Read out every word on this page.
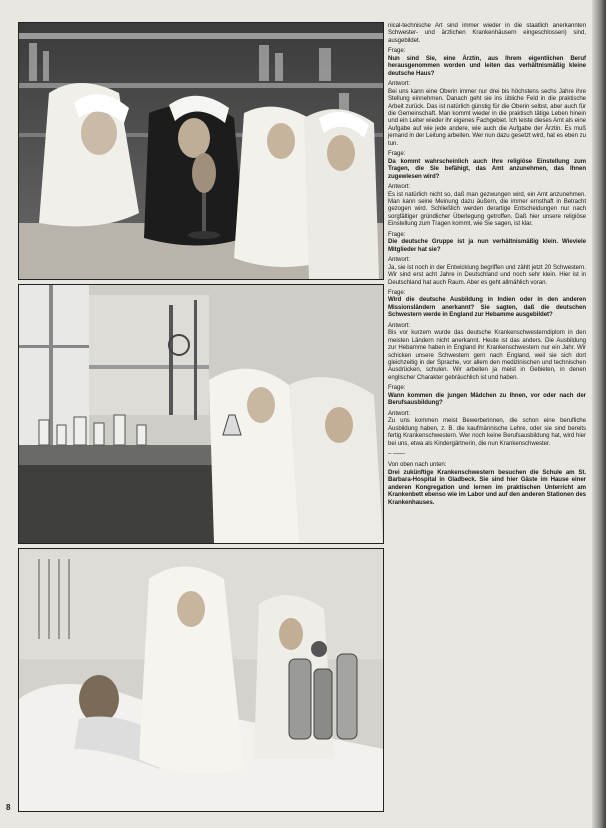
nical-technische Art sind immer wieder in die staatlich anerkannten Schwester- und ärzlichen Krankenhäusern eingeschlossen) sind, ausgebildet.

Frage:

Nun sind Sie, eine Ärztin, aus Ihrem eigentlichen Beruf herausgenommen worden und leiten das verhältnismäßig kleine deutsche Haus?

Antwort:

Bei uns kann eine Oberin immer nur drei bis höchstens sechs Jahre ihre Stellung einnehmen. Danach geht sie ins übliche Feld in die praktische Arbeit zurück. Das ist natürlich günstig für die Oberin selbst, aber auch für die Gemeinschaft. Man kommt wieder in die praktisch tätige Leben hinein und ein Leiter wieder ihr eigenes Fachgebiet. Ich leiste dieses Amt als eine Aufgabe auf wie jede andere, wie auch die Aufgabe der Ärztin. Es muß jemand in der Leitung arbeiten. Wer nun dazu gesetzt wird, hat es eben zu tun.

Frage:

Da kommt wahrscheinlich auch Ihre religiöse Einstellung zum Tragen, die Sie befähigt, das Amt anzunehmen, das Ihnen zugewiesen wird?

Antwort:

Es ist natürlich nicht so, daß man gezwungen wird, ein Amt anzunehmen. Man kann seine Meinung dazu äußern, die immer ernsthaft in Betracht gezogen wird. Schließlich werden derartige Entscheidungen nur nach sorgfältiger gründlicher Überlegung getroffen. Daß hier unsere religiöse Einstellung zum Tragen kommt, wie Sie sagen, ist klar.

Frage:

Die deutsche Gruppe ist ja nun verhältnismäßig klein. Wieviele Mitglieder hat sie?

Antwort:

Ja, sie ist noch in der Entwicklung begriffen und zählt jetzt 20 Schwestern. Wir sind erst acht Jahre in Deutschland und noch sehr klein. Hier ist in Deutschland hat auch Raum. Aber es geht allmählich voran.

Frage:

Wird die deutsche Ausbildung in Indien oder in den anderen Missionsländern anerkannt? Sie sagten, daß die deutschen Schwestern werde in England zur Hebamme ausgebildet?

Antwort:

Bis vor kurzem wurde das deutsche Krankenschwesterndiplom in den meisten Ländern nicht anerkannt. Heute ist das anders. Die Ausbildung zur Hebamme haben in England ihr Krankenschwestern nur ein Jahr. Wir schicken unsere Schwestern gern nach England, weil sie sich dort gleichzeitig in der Sprache, vor allem den medizinischen und technischen Ausdrücken, schulen. Wir arbeiten ja meist in Gebieten, in denen englischer Charakter gebräuchlich ist und haben.

Frage:

Wann kommen die jungen Mädchen zu Ihnen, vor oder nach der Berufsausbildung?

Antwort:

Zu uns kommen meist Bewerberinnen, die schon eine berufliche Ausbildung haben, z. B. die kaufmännische Lehre, oder sie sind bereits fertig Krankenschwestern. Wer noch keine Berufsausbildung hat, wird hier bei uns, etwa als Kindergärtnerin, die nun Krankenschwester.

– ——

Von oben nach unten:

Drei zukünftige Krankenschwestern besuchen die Schule am St. Barbara-Hospital in Gladbeck. Sie sind hier Gäste im Hause einer anderen Kongregation und lernen im praktischen Unterricht am Krankenbett ebenso wie im Labor und auf den anderen Stationen des Krankenhauses.

8
